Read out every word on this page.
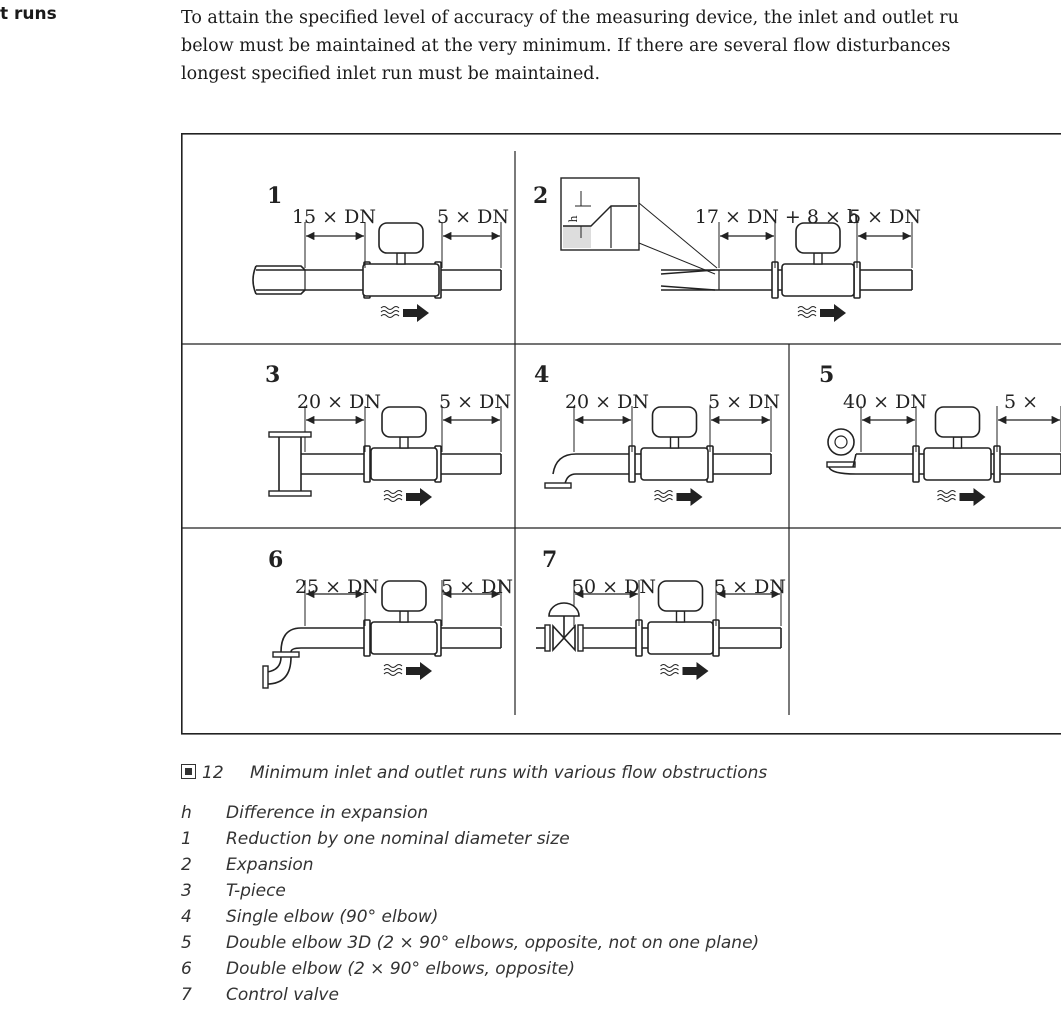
t runs	To attain the specified level of accuracy of the measuring device, the inlet and outlet ru
below must be maintained at the very minimum. If there are several flow disturbances
longest specified inlet run must be maintained.
1
15 × DN	5 × DN
2
17 × DN + 8 × h
5 × DN
h
3
20 × DN	5 × DN
4
20 × DN	5 × DN
5
40 × DN	5 ×
6
25 × DN	5 × DN
7
50 × DN	5 × DN
12 Minimum inlet and outlet runs with various flow obstructions
h	Difference in expansion
1	Reduction by one nominal diameter size
2	Expansion
3	T-piece
4	Single elbow (90° elbow)
5	Double elbow 3D (2 × 90° elbows, opposite, not on one plane)
6	Double elbow (2 × 90° elbows, opposite)
7	Control valve
